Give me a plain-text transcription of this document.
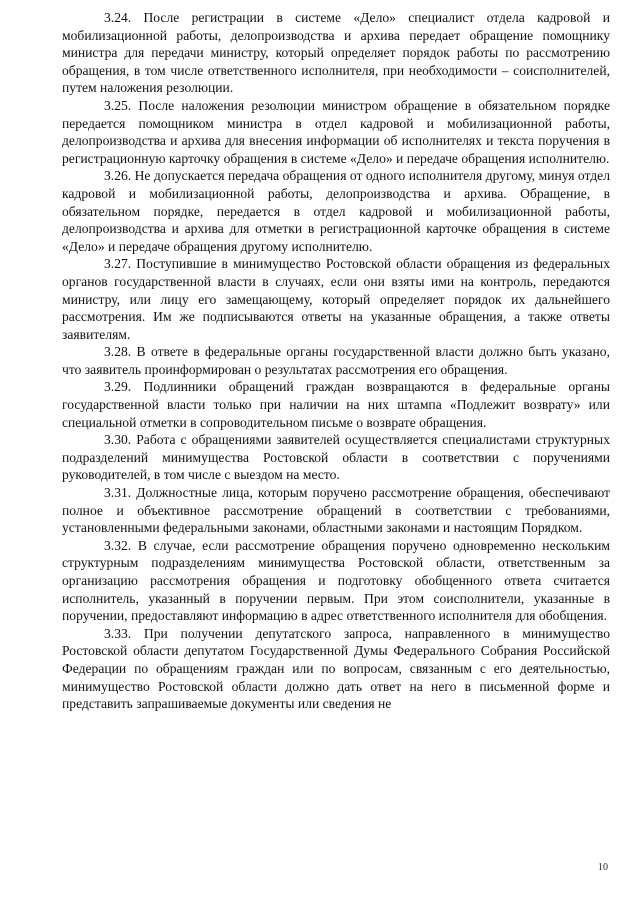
3.24. После регистрации в системе «Дело» специалист отдела кадровой и мобилизационной работы, делопроизводства и архива передает обращение помощнику министра для передачи министру, который определяет порядок работы по рассмотрению обращения, в том числе ответственного исполнителя, при необходимости – соисполнителей, путем наложения резолюции.

3.25. После наложения резолюции министром обращение в обязательном порядке передается помощником министра в отдел кадровой и мобилизационной работы, делопроизводства и архива для внесения информации об исполнителях и текста поручения в регистрационную карточку обращения в системе «Дело» и передаче обращения исполнителю.

3.26. Не допускается передача обращения от одного исполнителя другому, минуя отдел кадровой и мобилизационной работы, делопроизводства и архива. Обращение, в обязательном порядке, передается в отдел кадровой и мобилизационной работы, делопроизводства и архива для отметки в регистрационной карточке обращения в системе «Дело» и передаче обращения другому исполнителю.

3.27. Поступившие в минимущество Ростовской области обращения из федеральных органов государственной власти в случаях, если они взяты ими на контроль, передаются министру, или лицу его замещающему, который определяет порядок их дальнейшего рассмотрения. Им же подписываются ответы на указанные обращения, а также ответы заявителям.

3.28. В ответе в федеральные органы государственной власти должно быть указано, что заявитель проинформирован о результатах рассмотрения его обращения.

3.29. Подлинники обращений граждан возвращаются в федеральные органы государственной власти только при наличии на них штампа «Подлежит возврату» или специальной отметки в сопроводительном письме о возврате обращения.

3.30. Работа с обращениями заявителей осуществляется специалистами структурных подразделений минимущества Ростовской области в соответствии с поручениями руководителей, в том числе с выездом на место.

3.31. Должностные лица, которым поручено рассмотрение обращения, обеспечивают полное и объективное рассмотрение обращений в соответствии с требованиями, установленными федеральными законами, областными законами и настоящим Порядком.

3.32. В случае, если рассмотрение обращения поручено одновременно нескольким структурным подразделениям минимущества Ростовской области, ответственным за организацию рассмотрения обращения и подготовку обобщенного ответа считается исполнитель, указанный в поручении первым. При этом соисполнители, указанные в поручении, предоставляют информацию в адрес ответственного исполнителя для обобщения.

3.33. При получении депутатского запроса, направленного в минимущество Ростовской области депутатом Государственной Думы Федерального Собрания Российской Федерации по обращениям граждан или по вопросам, связанным с его деятельностью, минимущество Ростовской области должно дать ответ на него в письменной форме и представить запрашиваемые документы или сведения не

10
